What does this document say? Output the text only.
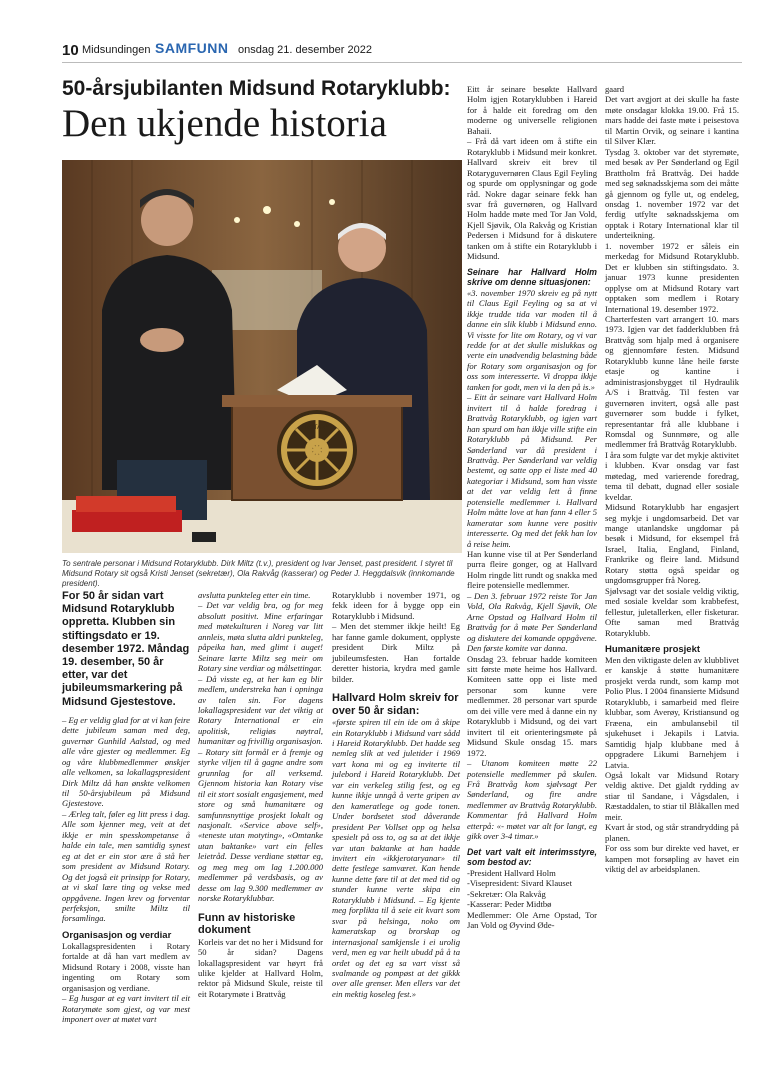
10 Midsundingen SAMFUNN onsdag 21. desember 2022
50-årsjubilanten Midsund Rotaryklubb:
Den ukjende historia
ROTARY
To sentrale personar i Midsund Rotaryklubb. Dirk Miltz (t.v.), president og Ivar Jenset, past president. I styret til Midsund Rotary sit også Kristi Jenset (sekretær), Ola Rakvåg (kasserar) og Peder J. Heggdalsvik (innkomande president).

For 50 år sidan vart Midsund Rotaryklubb oppretta. Klubben sin stiftingsdato er 19. desember 1972. Måndag 19. desember, 50 år etter, var det jubileumsmarkering på Midsund Gjestestove.

– Eg er veldig glad for at vi kan feire dette jubileum saman med deg, guvernør Gunhild Aalstad, og med alle våre gjester og medlemmer. Eg og våre klubbmedlemmer ønskjer alle velkomen, sa lokallagspresident Dirk Miltz då han ønskte velkomen til 50-årsjubileum på Midsund Gjestestove.

– Ærleg talt, føler eg litt press i dag. Alle som kjenner meg, veit at det ikkje er min spesskompetanse å halde ein tale, men samtidig synest eg at det er ein stor ære å stå her som president av Midsund Rotary. Og det jogså eit prinsipp for Rotary, at vi skal lære ting og vekse med oppgåvene. Ingen krev og forventar perfeksjon, smilte Miltz til forsamlinga.

Organisasjon og verdiar

Lokallagspresidenten i Rotary fortalde at då han vart medlem av Midsund Rotary i 2008, visste han ingenting om Rotary som organisasjon og verdiane.

– Eg husgar at eg vart invitert til eit Rotarymøte som gjest, og var mest imponert over at møtet vart

avslutta punkteleg etter ein time.

– Det var veldig bra, og for meg absolutt positivt. Mine erfaringar med møtekulturen i Noreg var litt annleis, møta slutta aldri punkteleg, påpeika han, med glimt i auget! Seinare lærte Miltz seg meir om Rotary sine verdiar og målsettingar.

– Då visste eg, at her kan eg blir medlem, understreka han i opninga av talen sin. For dagens lokallagspresident var det viktig at Rotary International er ein upolitisk, religiøs nøytral, humanitær og frivillig organisasjon.

– Rotary sitt formål er å fremje og styrke viljen til å gagne andre som grunnlag for all verksemd. Gjennom historia kan Rotary vise til eit stort sosialt engasjement, med store og små humanitære og samfunnsnyttige prosjekt lokalt og nasjonalt. «Service above self», «teneste utan motyting», «Omtanke utan baktanke» vart ein felles leietråd. Desse verdiane støttar eg, og meg meg om lag 1.200.000 medlemmer på verdsbasis, og av desse om lag 9.300 medlemmer av norske Rotaryklubbar.

Funn av historiske dokument

Korleis var det no her i Midsund for 50 år sidan? Dagens lokallagspresident var høyrt frå ulike kjelder at Hallvard Holm, rektor på Midsund Skule, reiste til eit Rotarymøte i Brattvåg

Rotaryklubb i november 1971, og fekk ideen for å bygge opp ein Rotaryklubb i Midsund.

– Men det stemmer ikkje heilt! Eg har fanne gamle dokument, opplyste president Dirk Miltz på jubileumsfesten. Han fortalde deretter historia, krydra med gamle bilder.

Hallvard Holm skreiv for over 50 år sidan:

«første spiren til ein ide om å skipe ein Rotaryklubb i Midsund vart sådd i Hareid Rotaryklubb. Det hadde seg nemleg slik at ved juletider i 1969 vart kona mi og eg inviterte til julebord i Hareid Rotaryklubb. Det var ein verkeleg stilig fest, og eg kunne ikkje unngå å verte gripen av den kameratlege og gode tonen. Under bordsetet stod dåverande president Per Vollset opp og helsa spesielt på oss to, og sa at det ikkje var utan baktanke at han hadde invitert ein «ikkjerotaryanar» til dette festlege samværet. Kan hende kunne dette føre til at det med tid og stunder kunne verte skipa ein Rotaryklubb i Midsund. – Eg kjente meg forplikta til å seie eit kvart som svar på helsinga, noko om kameratskap og brorskap og internasjonal samkjensle i ei urolig verd, men eg var heilt ubudd på å ta ordet og det eg sa vart visst så svalmande og pompøst at det gikkk over alle grenser. Men ellers var det ein mektig koseleg fest.»

Eitt år seinare besøkte Hallvard Holm igjen Rotaryklubben i Hareid for å halde eit foredrag om den moderne og universelle religionen Bahaii.

– Frå då vart ideen om å stifte ein Rotaryklubb i Midsund meir konkret. Hallvard skreiv eit brev til Rotaryguvernøren Claus Egil Feyling og spurde om opplysningar og gode råd. Nokre dagar seinare fekk han svar frå guvernøren, og Hallvard Holm hadde møte med Tor Jan Vold, Kjell Sjøvik, Ola Rakvåg og Kristian Pedersen i Midsund for å diskutere tanken om å stifte ein Rotaryklubb i Midsund.

Seinare har Hallvard Holm skrive om denne situasjonen:

«3. november 1970 skreiv eg på nytt til Claus Egil Feyling og sa at vi ikkje trudde tida var moden til å danne ein slik klubb i Midsund enno. Vi visste for lite om Rotary, og vi var redde for at det skulle mislukkas og verte ein unødvendig belastning både for Rotary som organisasjon og for oss som interesserte. Vi droppa ikkje tanken for godt, men vi la den på is.»

– Eitt år seinare vart Hallvard Holm invitert til å halde foredrag i Brattvåg Rotaryklubb, og igjen vart han spurd om han ikkje ville stifte ein Rotaryklubb på Midsund. Per Sønderland var då president i Brattvåg. Per Sønderland var veldig bestemt, og satte opp ei liste med 40 kategoriar i Midsund, som han visste at det var veldig lett å finne potensielle medlemmer i. Hallvard Holm måtte love at han fann 4 eller 5 kameratar som kunne vere positiv interesserte. Og med det fekk han lov å reise heim.

Han kunne vise til at Per Sønderland purra fleire gonger, og at Hallvard Holm ringde litt rundt og snakka med fleire potensielle medlemmer.

– Den 3. februar 1972 reiste Tor Jan Vold, Ola Rakvåg, Kjell Sjøvik, Ole Arne Opstad og Hallvard Holm til Brattvåg for å møte Per Sønderland og diskutere dei komande oppgåvene. Den første komite var danna.

Onsdag 23. februar hadde komiteen sitt første møte heime hos Hallvard. Komiteen satte opp ei liste med personar som kunne vere medlemmer. 28 personar vart spurde om dei ville vere med å danne ein ny Rotaryklubb i Midsund, og dei vart invitert til eit orienteringsmøte på Midsund Skule onsdag 15. mars 1972.

– Utanom komiteen møtte 22 potensielle medlemmer på skulen. Frå Brattvåg kom sjølvsagt Per Sønderland, og fire andre medlemmer av Brattvåg Rotaryklubb. Kommentar frå Hallvard Holm etterpå: «- møtet var alt for langt, eg gikk over 3-4 timar.»

Det vart valt eit interimsstyre, som bestod av:

-President Hallvard Holm

-Visepresident: Sivard Klauset

-Sekretær: Ola Rakvåg

-Kasserar: Peder Midtbø

Medlemmer: Ole Arne Opstad, Tor Jan Vold og Øyvind Øde-

gaard

Det vart avgjort at dei skulle ha faste møte onsdagar klokka 19.00. Frå 15. mars hadde dei faste møte i peisestova til Martin Orvik, og seinare i kantina til Silver Klær.

Tysdag 3. oktober var det styremøte, med besøk av Per Sønderland og Egil Brattholm frå Brattvåg. Dei hadde med seg søknadsskjema som dei måtte gå gjennom og fylle ut, og endeleg, onsdag 1. november 1972 var det ferdig utfylte søknadsskjema om opptak i Rotary International klar til underteikning.

1. november 1972 er såleis ein merkedag for Midsund Rotaryklubb. Det er klubben sin stiftingsdato. 3. januar 1973 kunne presidenten opplyse om at Midsund Rotary vart opptaken som medlem i Rotary International 19. desember 1972.

Charterfesten vart arrangert 10. mars 1973. Igjen var det fadderklubben frå Brattvåg som hjalp med å organisere og gjennomføre festen. Midsund Rotaryklubb kunne låne heile første etasje og kantine i administrasjonsbygget til Hydraulik A/S i Brattvåg. Til festen var guvernøren invitert, også alle past guvernører som budde i fylket, representantar frå alle klubbane i Romsdal og Sunnmøre, og alle medlemmer frå Brattvåg Rotaryklubb.

I åra som fulgte var det mykje aktivitet i klubben. Kvar onsdag var fast møtedag, med varierende foredrag, tema til debatt, dugnad eller sosiale kveldar.

Midsund Rotaryklubb har engasjert seg mykje i ungdomsarbeid. Det var mange utanlandske ungdomar på besøk i Midsund, for eksempel frå Israel, Italia, England, Finland, Frankrike og fleire land. Midsund Rotary støtta også speidar og ungdomsgrupper frå Noreg.

Sjølvsagt var det sosiale veldig viktig, med sosiale kveldar som krabbefest, fellestur, juletallerken, eller fisketurar. Ofte saman med Brattvåg Rotaryklubb.

Humanitære prosjekt

Men den viktigaste delen av klubblivet er kanskje å støtte humanitære prosjekt verda rundt, som kamp mot Polio Plus. I 2004 finansierte Midsund Rotaryklubb, i samarbeid med fleire klubbar, som Averøy, Kristiansund og Fræena, ein ambulansebil til sjukehuset i Jekapils i Latvia. Samtidig hjalp klubbane med å oppgradere Likumi Barnehjem i Latvia.

Også lokalt var Midsund Rotary veldig aktive. Det gjaldt rydding av stiar til Sandane, i Vågsdalen, i Ræstaddalen, to stiar til Blåkallen med meir.

Kvart år stod, og står strandrydding på planen.

For oss som bur direkte ved havet, er kampen mot forsøpling av havet ein viktig del av arbeidsplanen.
